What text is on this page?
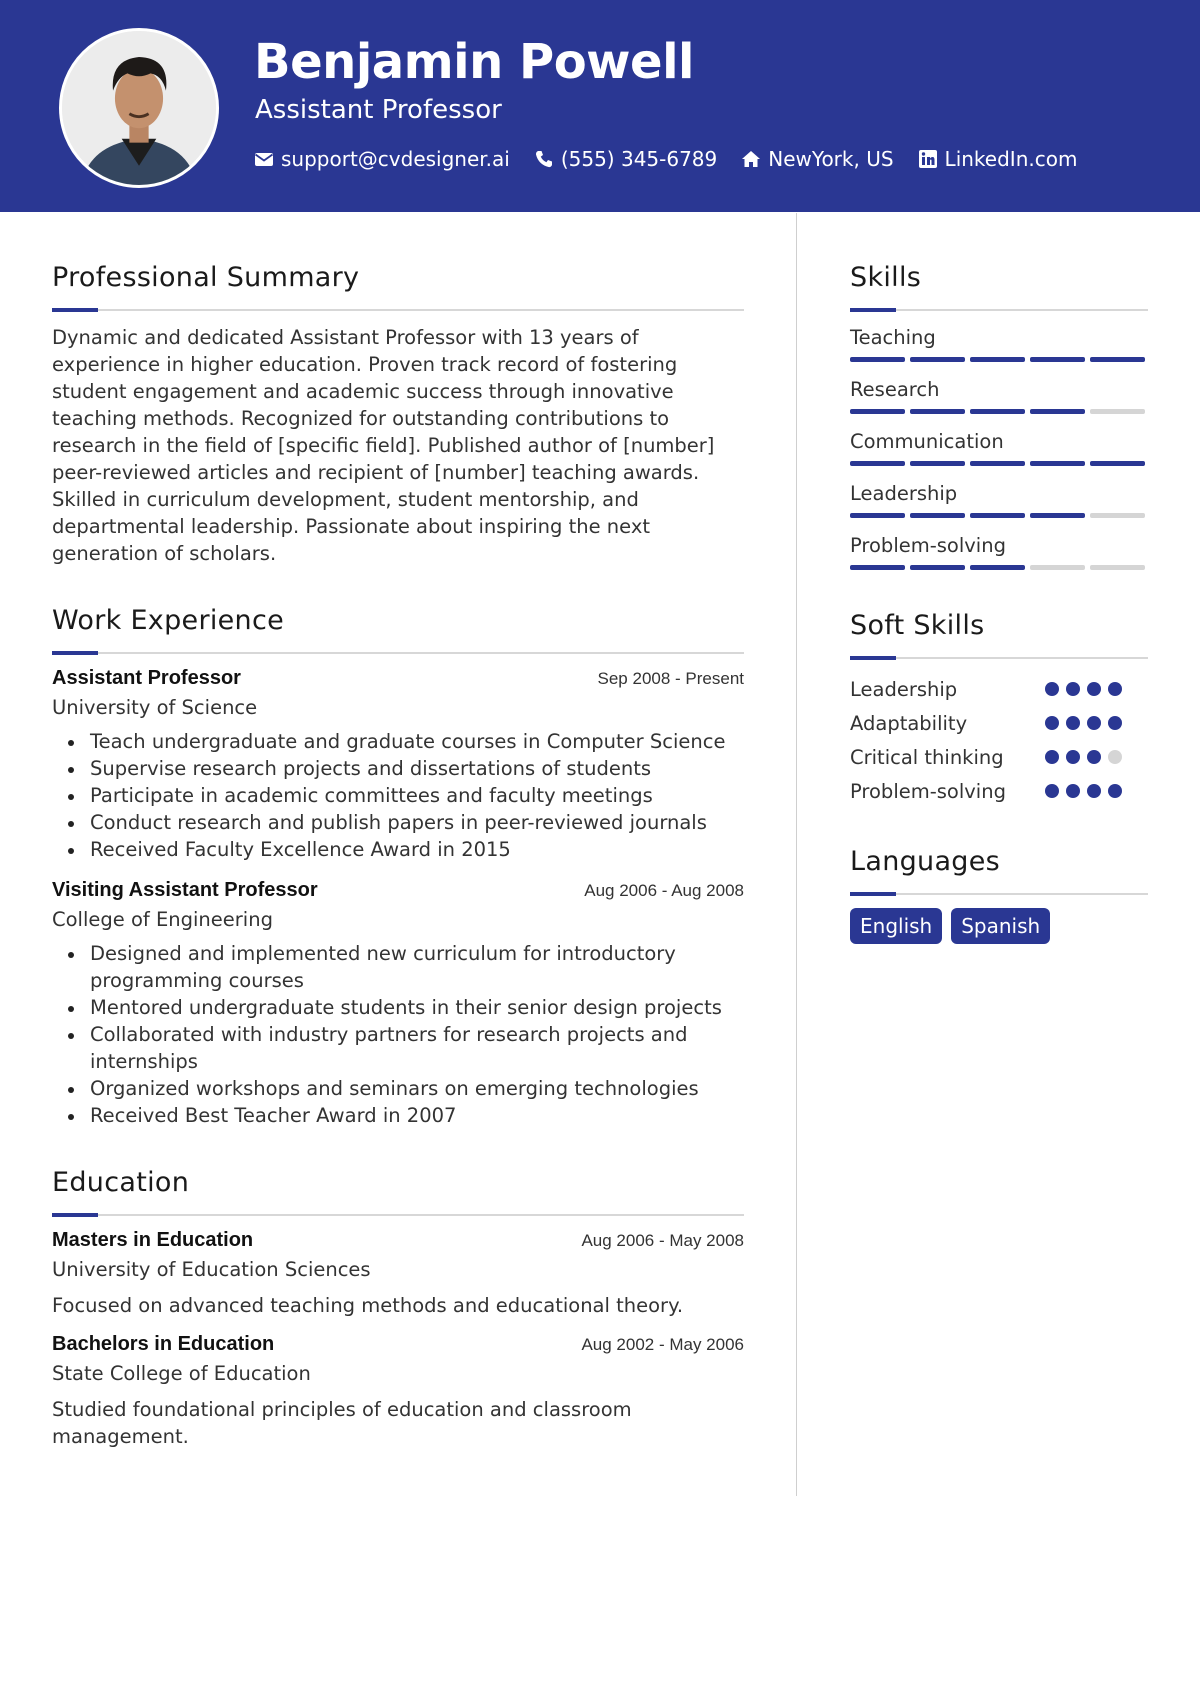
Benjamin Powell
Assistant Professor
support@cvdesigner.ai	(555) 345-6789	NewYork, US	LinkedIn.com
Professional Summary

Dynamic and dedicated Assistant Professor with 13 years of experience in higher education. Proven track record of fostering student engagement and academic success through innovative teaching methods. Recognized for outstanding contributions to research in the field of [specific field]. Published author of [number] peer-reviewed articles and recipient of [number] teaching awards. Skilled in curriculum development, student mentorship, and departmental leadership. Passionate about inspiring the next generation of scholars.

Work Experience
Assistant Professor	Sep 2008 - Present
University of Science
Teach undergraduate and graduate courses in Computer Science
Supervise research projects and dissertations of students
Participate in academic committees and faculty meetings
Conduct research and publish papers in peer-reviewed journals
Received Faculty Excellence Award in 2015
Visiting Assistant Professor	Aug 2006 - Aug 2008
College of Engineering
Designed and implemented new curriculum for introductory programming courses
Mentored undergraduate students in their senior design projects
Collaborated with industry partners for research projects and internships
Organized workshops and seminars on emerging technologies
Received Best Teacher Award in 2007
Education
Masters in Education	Aug 2006 - May 2008
University of Education Sciences

Focused on advanced teaching methods and educational theory.

Bachelors in Education	Aug 2002 - May 2006
State College of Education

Studied foundational principles of education and classroom management.

Skills
Teaching
Research
Communication
Leadership
Problem-solving
Soft Skills
Leadership
Adaptability
Critical thinking
Problem-solving
Languages
English	Spanish
